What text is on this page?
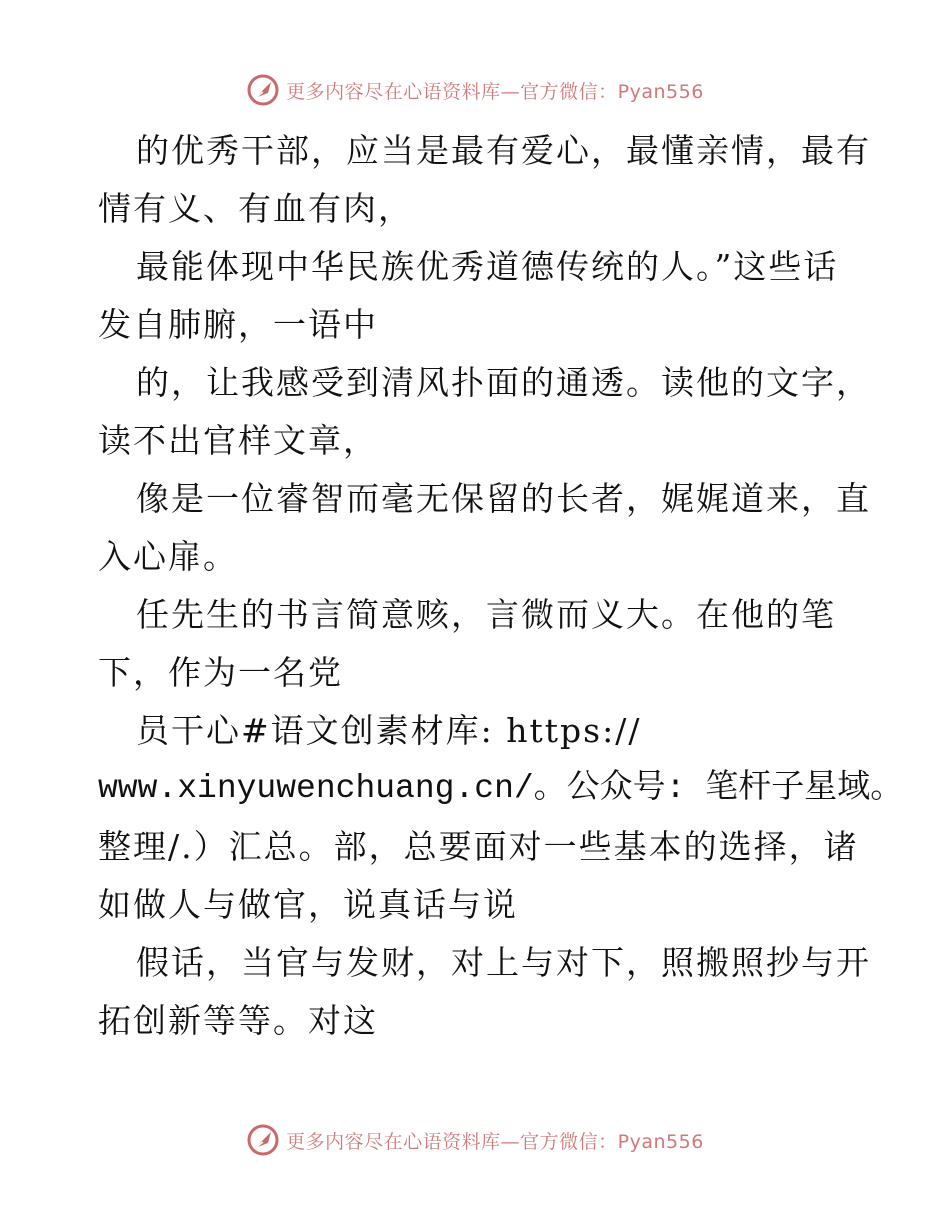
更多内容尽在心语资料库—官方微信：Pyan556
的优秀干部，应当是最有爱心，最懂亲情，最有
情有义、有血有肉，
最能体现中华民族优秀道德传统的人。”这些话
发自肺腑，一语中
的，让我感受到清风扑面的通透。读他的文字，
读不出官样文章，
像是一位睿智而毫无保留的长者，娓娓道来，直
入心扉。
任先生的书言简意赅，言微而义大。在他的笔
下，作为一名党
员干心#语文创素材库: https://
www.xinyuwenchuang.cn/。公众号: 笔杆子星域。
整理/.）汇总。部，总要面对一些基本的选择，诸
如做人与做官，说真话与说
假话，当官与发财，对上与对下，照搬照抄与开
拓创新等等。对这
更多内容尽在心语资料库—官方微信：Pyan556
